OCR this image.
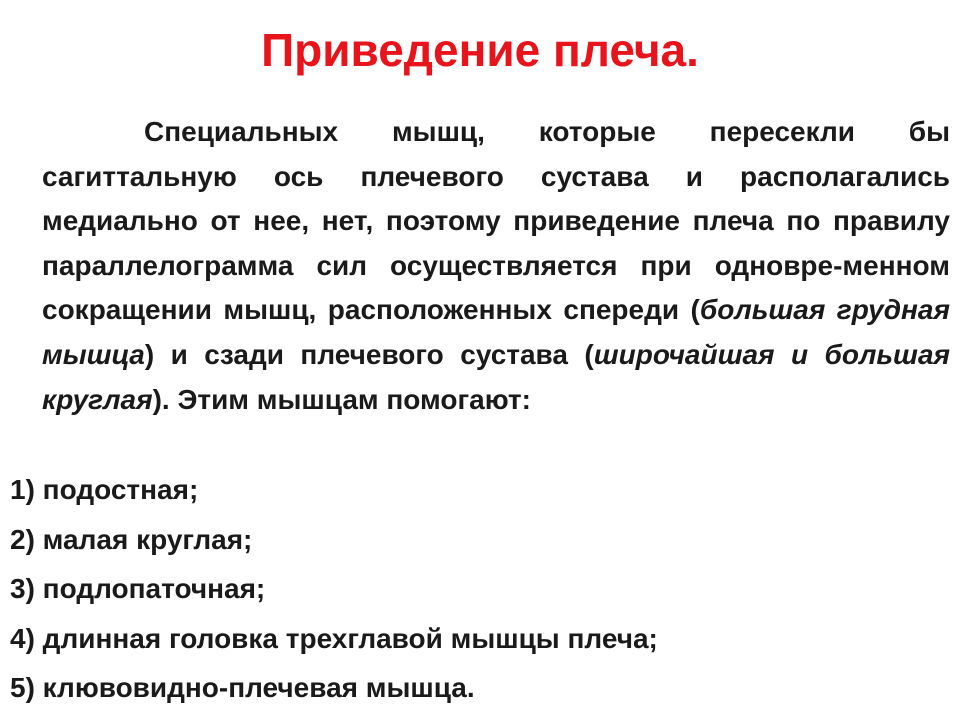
Приведение плеча.

Специальных мышц, которые пересекли бы сагиттальную ось плечевого сустава и располагались медиально от нее, нет, поэтому приведение плеча по правилу параллелограмма сил осуществляется при одновре-менном сокращении мышц, расположенных спереди (большая грудная мышца) и сзади плечевого сустава (широчайшая и большая круглая). Этим мышцам помогают:

1) подостная;
2) малая круглая;
3) подлопаточная;
4) длинная головка трехглавой мышцы плеча;
5) клювовидно-плечевая мышца.
